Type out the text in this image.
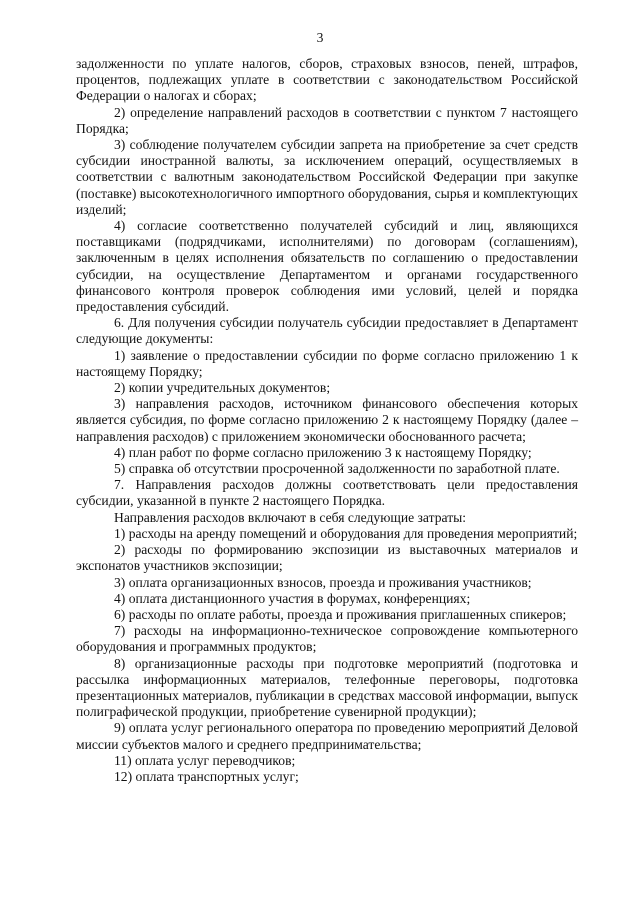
3

задолженности по уплате налогов, сборов, страховых взносов, пеней, штрафов, процентов, подлежащих уплате в соответствии с законодательством Российской Федерации о налогах и сборах;

2) определение направлений расходов в соответствии с пунктом 7 настоящего Порядка;

3) соблюдение получателем субсидии запрета на приобретение за счет средств субсидии иностранной валюты, за исключением операций, осуществляемых в соответствии с валютным законодательством Российской Федерации при закупке (поставке) высокотехнологичного импортного оборудования, сырья и комплектующих изделий;

4) согласие соответственно получателей субсидий и лиц, являющихся поставщиками (подрядчиками, исполнителями) по договорам (соглашениям), заключенным в целях исполнения обязательств по соглашению о предоставлении субсидии, на осуществление Департаментом и органами государственного финансового контроля проверок соблюдения ими условий, целей и порядка предоставления субсидий.

6. Для получения субсидии получатель субсидии предоставляет в Департамент следующие документы:

1) заявление о предоставлении субсидии по форме согласно приложению 1 к настоящему Порядку;

2) копии учредительных документов;

3) направления расходов, источником финансового обеспечения которых является субсидия, по форме согласно приложению 2 к настоящему Порядку (далее – направления расходов) с приложением экономически обоснованного расчета;

4) план работ по форме согласно приложению 3 к настоящему Порядку;

5) справка об отсутствии просроченной задолженности по заработной плате.

7. Направления расходов должны соответствовать цели предоставления субсидии, указанной в пункте 2 настоящего Порядка.

Направления расходов включают в себя следующие затраты:

1) расходы на аренду помещений и оборудования для проведения мероприятий;

2) расходы по формированию экспозиции из выставочных материалов и экспонатов участников экспозиции;

3) оплата организационных взносов, проезда и проживания участников;

4) оплата дистанционного участия в форумах, конференциях;

6) расходы по оплате работы, проезда и проживания приглашенных спикеров;

7) расходы на информационно-техническое сопровождение компьютерного оборудования и программных продуктов;

8) организационные расходы при подготовке мероприятий (подготовка и рассылка информационных материалов, телефонные переговоры, подготовка презентационных материалов, публикации в средствах массовой информации, выпуск полиграфической продукции, приобретение сувенирной продукции);

9) оплата услуг регионального оператора по проведению мероприятий Деловой миссии субъектов малого и среднего предпринимательства;

11) оплата услуг переводчиков;

12) оплата транспортных услуг;
